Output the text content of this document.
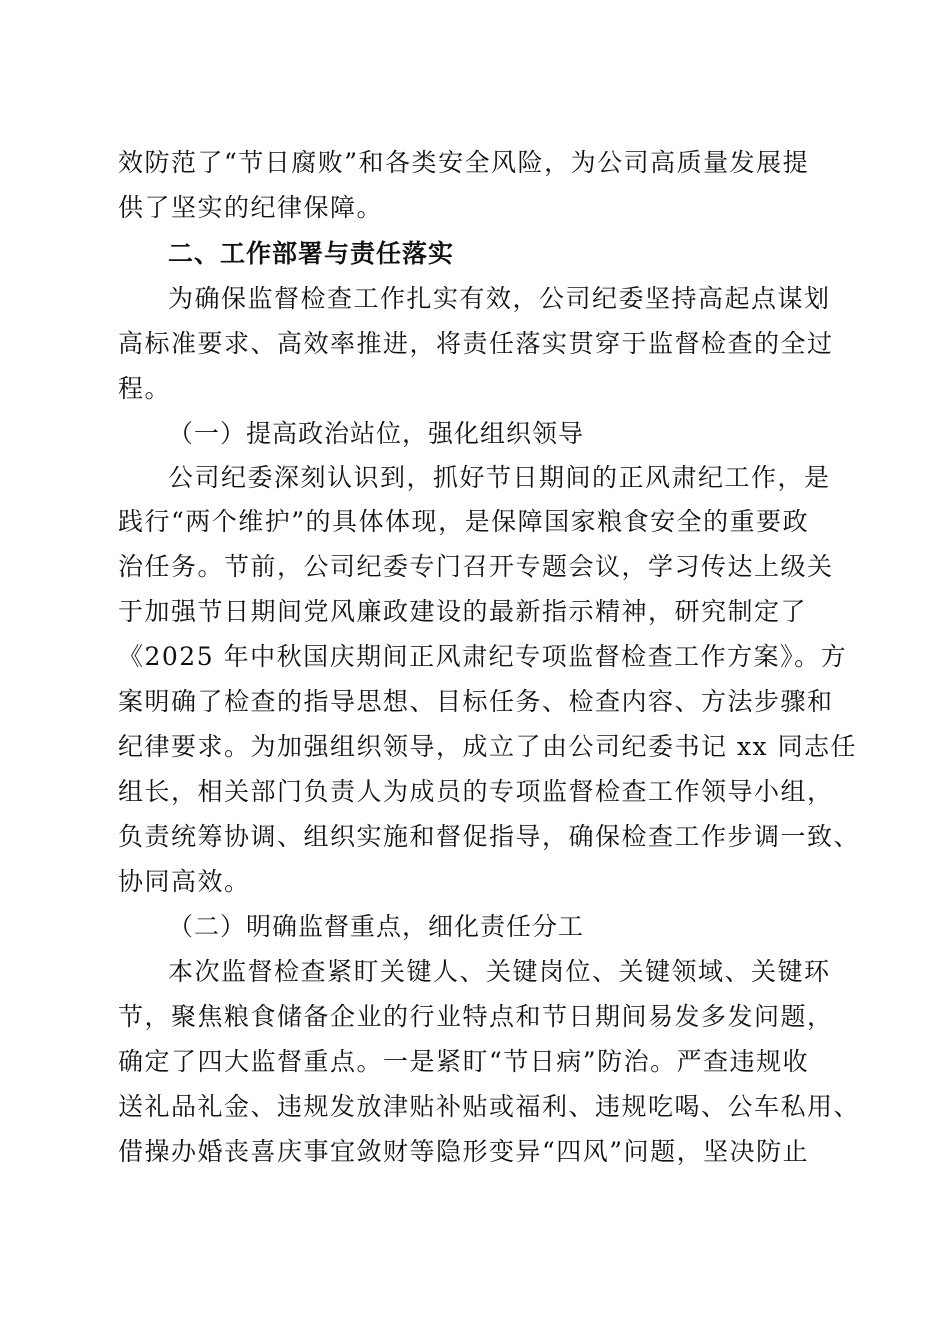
效防范了“节日腐败”和各类安全风险，为公司高质量发展提
供了坚实的纪律保障。
二、工作部署与责任落实
为确保监督检查工作扎实有效，公司纪委坚持高起点谋划
高标准要求、高效率推进，将责任落实贯穿于监督检查的全过
程。
（一）提高政治站位，强化组织领导
公司纪委深刻认识到，抓好节日期间的正风肃纪工作，是
践行“两个维护”的具体体现，是保障国家粮食安全的重要政
治任务。节前，公司纪委专门召开专题会议，学习传达上级关
于加强节日期间党风廉政建设的最新指示精神，研究制定了
《2025 年中秋国庆期间正风肃纪专项监督检查工作方案》。方
案明确了检查的指导思想、目标任务、检查内容、方法步骤和
纪律要求。为加强组织领导，成立了由公司纪委书记 xx 同志任
组长，相关部门负责人为成员的专项监督检查工作领导小组，
负责统筹协调、组织实施和督促指导，确保检查工作步调一致、
协同高效。
（二）明确监督重点，细化责任分工
本次监督检查紧盯关键人、关键岗位、关键领域、关键环
节，聚焦粮食储备企业的行业特点和节日期间易发多发问题，
确定了四大监督重点。一是紧盯“节日病”防治。严查违规收
送礼品礼金、违规发放津贴补贴或福利、违规吃喝、公车私用、
借操办婚丧喜庆事宜敛财等隐形变异“四风”问题，坚决防止
